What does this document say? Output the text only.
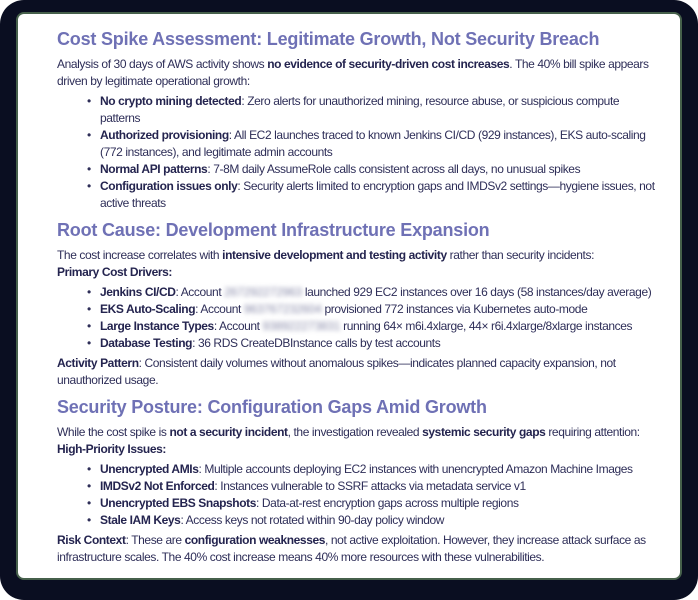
Cost Spike Assessment: Legitimate Growth, Not Security Breach

Analysis of 30 days of AWS activity shows no evidence of security-driven cost increases. The 40% bill spike appears driven by legitimate operational growth:

• No crypto mining detected: Zero alerts for unauthorized mining, resource abuse, or suspicious compute patterns
• Authorized provisioning: All EC2 launches traced to known Jenkins CI/CD (929 instances), EKS auto-scaling (772 instances), and legitimate admin accounts
• Normal API patterns: 7-8M daily AssumeRole calls consistent across all days, no unusual spikes
• Configuration issues only: Security alerts limited to encryption gaps and IMDSv2 settings—hygiene issues, not active threats
Root Cause: Development Infrastructure Expansion

The cost increase correlates with intensive development and testing activity rather than security incidents:

Primary Cost Drivers:

• Jenkins CI/CD: Account 267292272963 launched 929 EC2 instances over 16 days (58 instances/day average)
• EKS Auto-Scaling: Account 963767232604 provisioned 772 instances via Kubernetes auto-mode
• Large Instance Types: Account 938922273831 running 64× m6i.4xlarge, 44× r6i.4xlarge/8xlarge instances
• Database Testing: 36 RDS CreateDBInstance calls by test accounts

Activity Pattern: Consistent daily volumes without anomalous spikes—indicates planned capacity expansion, not unauthorized usage.

Security Posture: Configuration Gaps Amid Growth

While the cost spike is not a security incident, the investigation revealed systemic security gaps requiring attention:

High-Priority Issues:

• Unencrypted AMIs: Multiple accounts deploying EC2 instances with unencrypted Amazon Machine Images
• IMDSv2 Not Enforced: Instances vulnerable to SSRF attacks via metadata service v1
• Unencrypted EBS Snapshots: Data-at-rest encryption gaps across multiple regions
• Stale IAM Keys: Access keys not rotated within 90-day policy window

Risk Context: These are configuration weaknesses, not active exploitation. However, they increase attack surface as infrastructure scales. The 40% cost increase means 40% more resources with these vulnerabilities.
